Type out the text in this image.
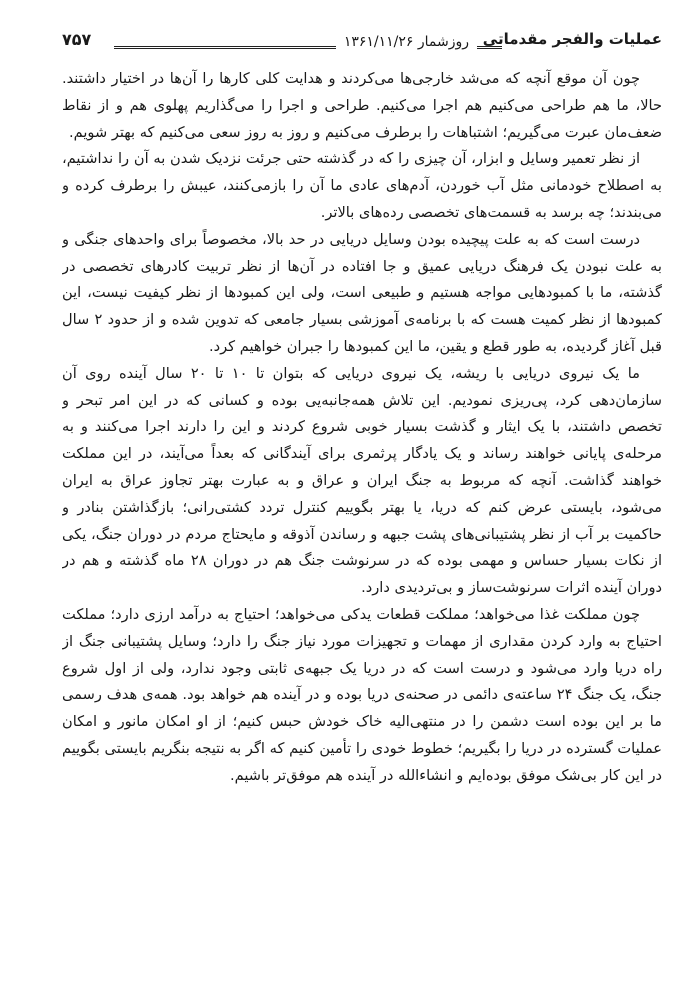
عملیات والفجر مقدماتی
روزشمار ۱۳۶۱/۱۱/۲۶
۷۵۷

چون آن موقع آنچه که می‌شد خارجی‌ها می‌کردند و هدایت کلی کارها را آن‌ها در اختیار داشتند. حالا، ما هم طراحی می‌کنیم هم اجرا می‌کنیم. طراحی و اجرا را می‌گذاریم پهلوی هم و از نقاط ضعف‌مان عبرت می‌گیریم؛ اشتباهات را برطرف می‌کنیم و روز به روز سعی می‌کنیم که بهتر شویم.

از نظر تعمیر وسایل و ابزار، آن چیزی را که در گذشته حتی جرئت نزدیک شدن به آن را نداشتیم، به اصطلاح خودمانی مثل آب خوردن، آدم‌های عادی ما آن را بازمی‌کنند، عیبش را برطرف کرده و می‌بندند؛ چه برسد به قسمت‌های تخصصی رده‌های بالاتر.

درست است که به علت پیچیده بودن وسایل دریایی در حد بالا، مخصوصاً برای واحدهای جنگی و به علت نبودن یک فرهنگ دریایی عمیق و جا افتاده در آن‌ها از نظر تربیت کادرهای تخصصی در گذشته، ما با کمبودهایی مواجه هستیم و طبیعی است، ولی این کمبودها از نظر کیفیت نیست، این کمبودها از نظر کمیت هست که با برنامه‌ی آموزشی بسیار جامعی که تدوین شده و از حدود ۲ سال قبل آغاز گردیده، به طور قطع و یقین، ما این کمبودها را جبران خواهیم کرد.

ما یک نیروی دریایی با ریشه، یک نیروی دریایی که بتوان تا ۱۰ تا ۲۰ سال آینده روی آن سازمان‌دهی کرد، پی‌ریزی نمودیم. این تلاش همه‌جانبه‌یی بوده و کسانی که در این امر تبحر و تخصص داشتند، با یک ایثار و گذشت بسیار خوبی شروع کردند و این را دارند اجرا می‌کنند و به مرحله‌ی پایانی خواهند رساند و یک یادگار پرثمری برای آیندگانی که بعداً می‌آیند، در این مملکت خواهند گذاشت. آنچه که مربوط به جنگ ایران و عراق و به عبارت بهتر تجاوز عراق به ایران می‌شود، بایستی عرض کنم که دریا، یا بهتر بگوییم کنترل تردد کشتی‌رانی؛ بازگذاشتن بنادر و حاکمیت بر آب از نظر پشتیبانی‌های پشت جبهه و رساندن آذوقه و مایحتاج مردم در دوران جنگ، یکی از نکات بسیار حساس و مهمی بوده که در سرنوشت جنگ هم در دوران ۲۸ ماه گذشته و هم در دوران آینده اثرات سرنوشت‌ساز و بی‌تردیدی دارد.

چون مملکت غذا می‌خواهد؛ مملکت قطعات یدکی می‌خواهد؛ احتیاج به درآمد ارزی دارد؛ مملکت احتیاج به وارد کردن مقداری از مهمات و تجهیزات مورد نیاز جنگ را دارد؛ وسایل پشتیبانی جنگ از راه دریا وارد می‌شود و درست است که در دریا یک جبهه‌ی ثابتی وجود ندارد، ولی از اول شروع جنگ، یک جنگ ۲۴ ساعته‌ی دائمی در صحنه‌ی دریا بوده و در آینده هم خواهد بود. همه‌ی هدف رسمی ما بر این بوده است دشمن را در منتهی‌الیه خاک خودش حبس کنیم؛ از او امکان مانور و امکان عملیات گسترده در دریا را بگیریم؛ خطوط خودی را تأمین کنیم که اگر به نتیجه بنگریم بایستی بگوییم در این کار بی‌شک موفق بوده‌ایم و انشاءالله در آینده هم موفق‌تر باشیم.
